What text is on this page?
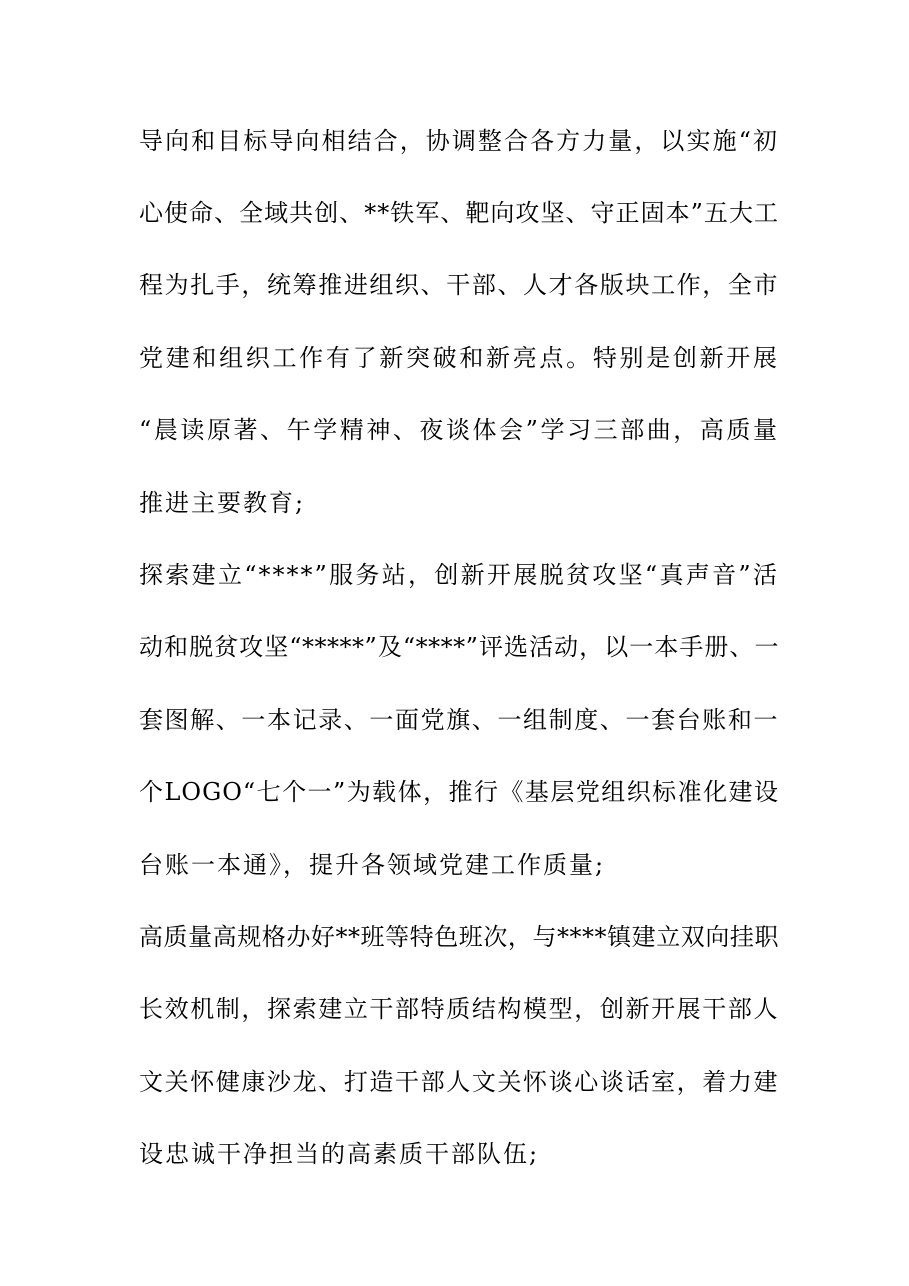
导向和目标导向相结合，协调整合各方力量，以实施“初
心使命、全域共创、**铁军、靶向攻坚、守正固本”五大工
程为扎手，统筹推进组织、干部、人才各版块工作，全市
党建和组织工作有了新突破和新亮点。特别是创新开展
“晨读原著、午学精神、夜谈体会”学习三部曲，高质量
推进主要教育;
探索建立“****”服务站，创新开展脱贫攻坚“真声音”活
动和脱贫攻坚“*****”及“****”评选活动，以一本手册、一
套图解、一本记录、一面党旗、一组制度、一套台账和一
个LOGO“七个一”为载体，推行《基层党组织标准化建设
台账一本通》，提升各领域党建工作质量;
高质量高规格办好**班等特色班次，与****镇建立双向挂职
长效机制，探索建立干部特质结构模型，创新开展干部人
文关怀健康沙龙、打造干部人文关怀谈心谈话室，着力建
设忠诚干净担当的高素质干部队伍;
